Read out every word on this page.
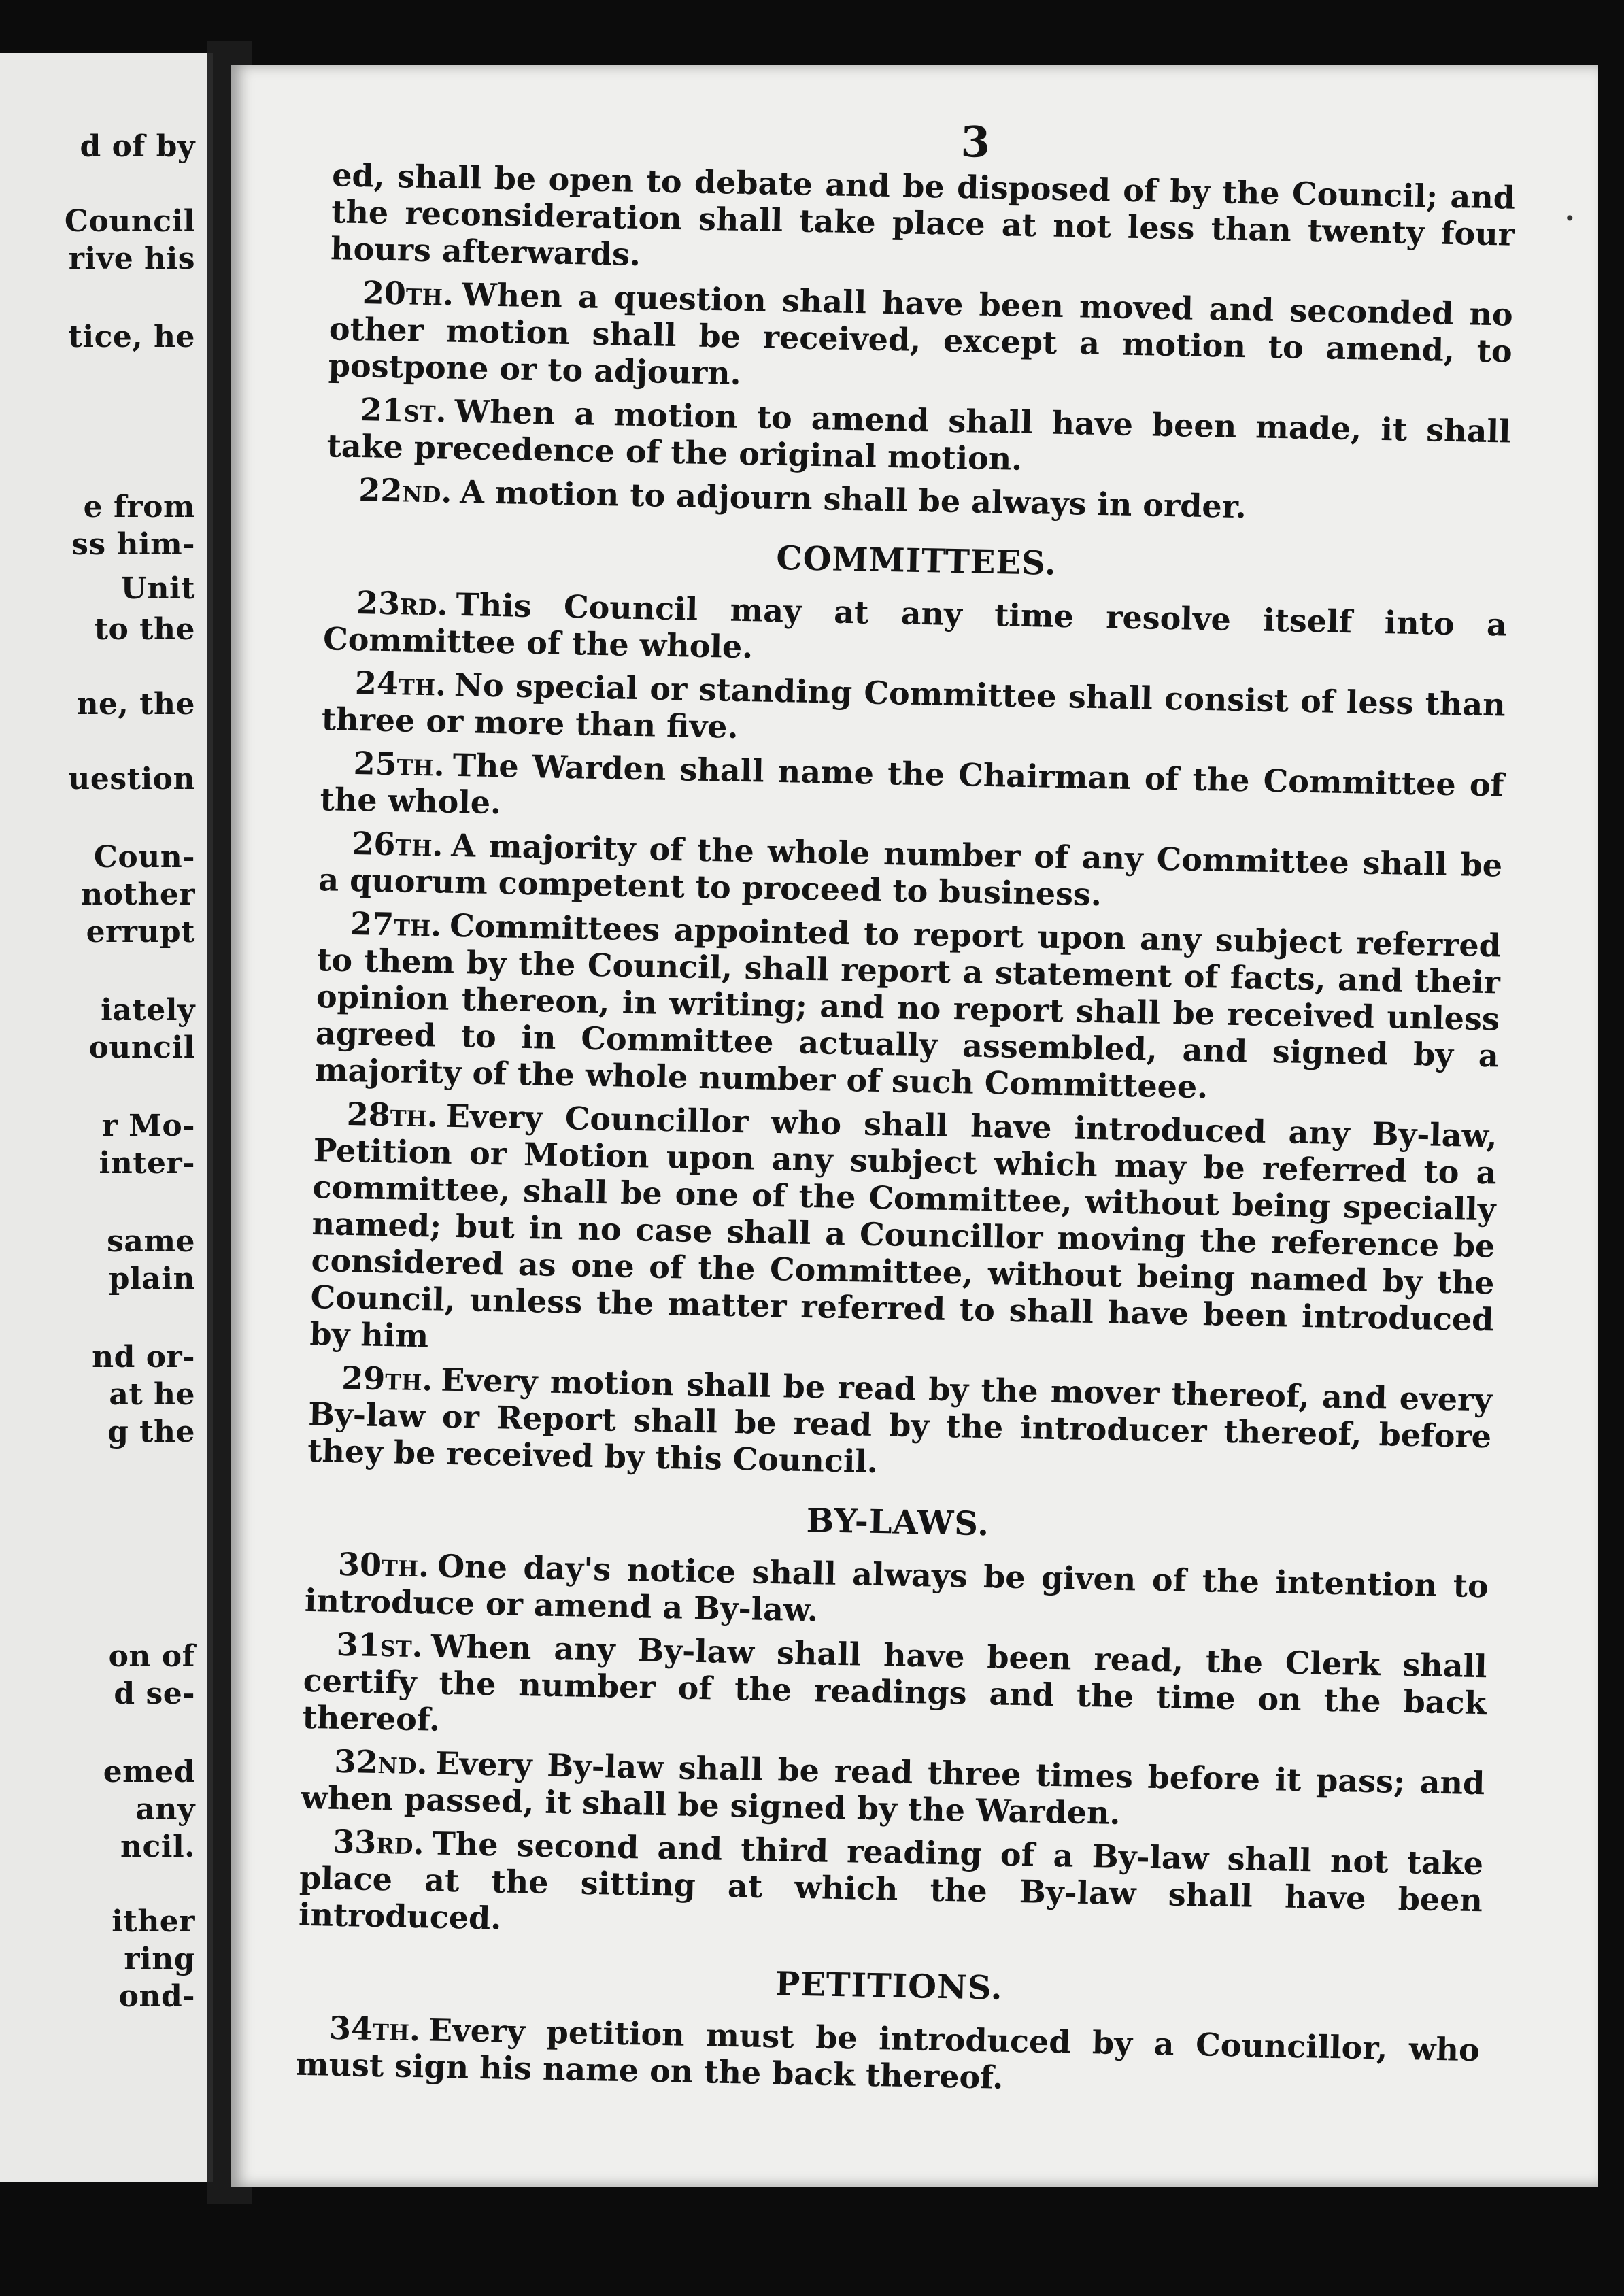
d of by
Council
rive his
tice, he
e from
ss him-
Unit
to the
ne, the
uestion
Coun-
nother
errupt
iately
ouncil
r Mo-
inter-
same
plain
nd or-
at he
g the
on of
d se-
emed
any
ncil.
ither
ring
ond-
3
ed, shall be open to debate and be disposed of by the Council; and the reconsideration shall take place at not less than twenty four hours afterwards.
20th. When a question shall have been moved and seconded no other motion shall be received, except a motion to amend, to postpone or to adjourn.
21st. When a motion to amend shall have been made, it shall take precedence of the original motion.
22nd. A motion to adjourn shall be always in order.
COMMITTEES.
23rd. This Council may at any time resolve itself into a Committee of the whole.
24th. No special or standing Committee shall consist of less than three or more than five.
25th. The Warden shall name the Chairman of the Committee of the whole.
26th. A majority of the whole number of any Committee shall be a quorum competent to proceed to business.
27th. Committees appointed to report upon any subject referred to them by the Council, shall report a statement of facts, and their opinion thereon, in writing; and no report shall be received unless agreed to in Committee actually assembled, and signed by a majority of the whole number of such Committeee.
28th. Every Councillor who shall have introduced any By-law, Petition or Motion upon any subject which may be referred to a committee, shall be one of the Committee, without being specially named; but in no case shall a Councillor moving the reference be considered as one of the Committee, without being named by the Council, unless the matter referred to shall have been introduced by him
29th. Every motion shall be read by the mover thereof, and every By-law or Report shall be read by the introducer thereof, before they be received by this Council.
BY-LAWS.
30th. One day's notice shall always be given of the intention to introduce or amend a By-law.
31st. When any By-law shall have been read, the Clerk shall certify the number of the readings and the time on the back thereof.
32nd. Every By-law shall be read three times before it pass; and when passed, it shall be signed by the Warden.
33rd. The second and third reading of a By-law shall not take place at the sitting at which the By-law shall have been introduced.
PETITIONS.
34th. Every petition must be introduced by a Councillor, who must sign his name on the back thereof.
•
